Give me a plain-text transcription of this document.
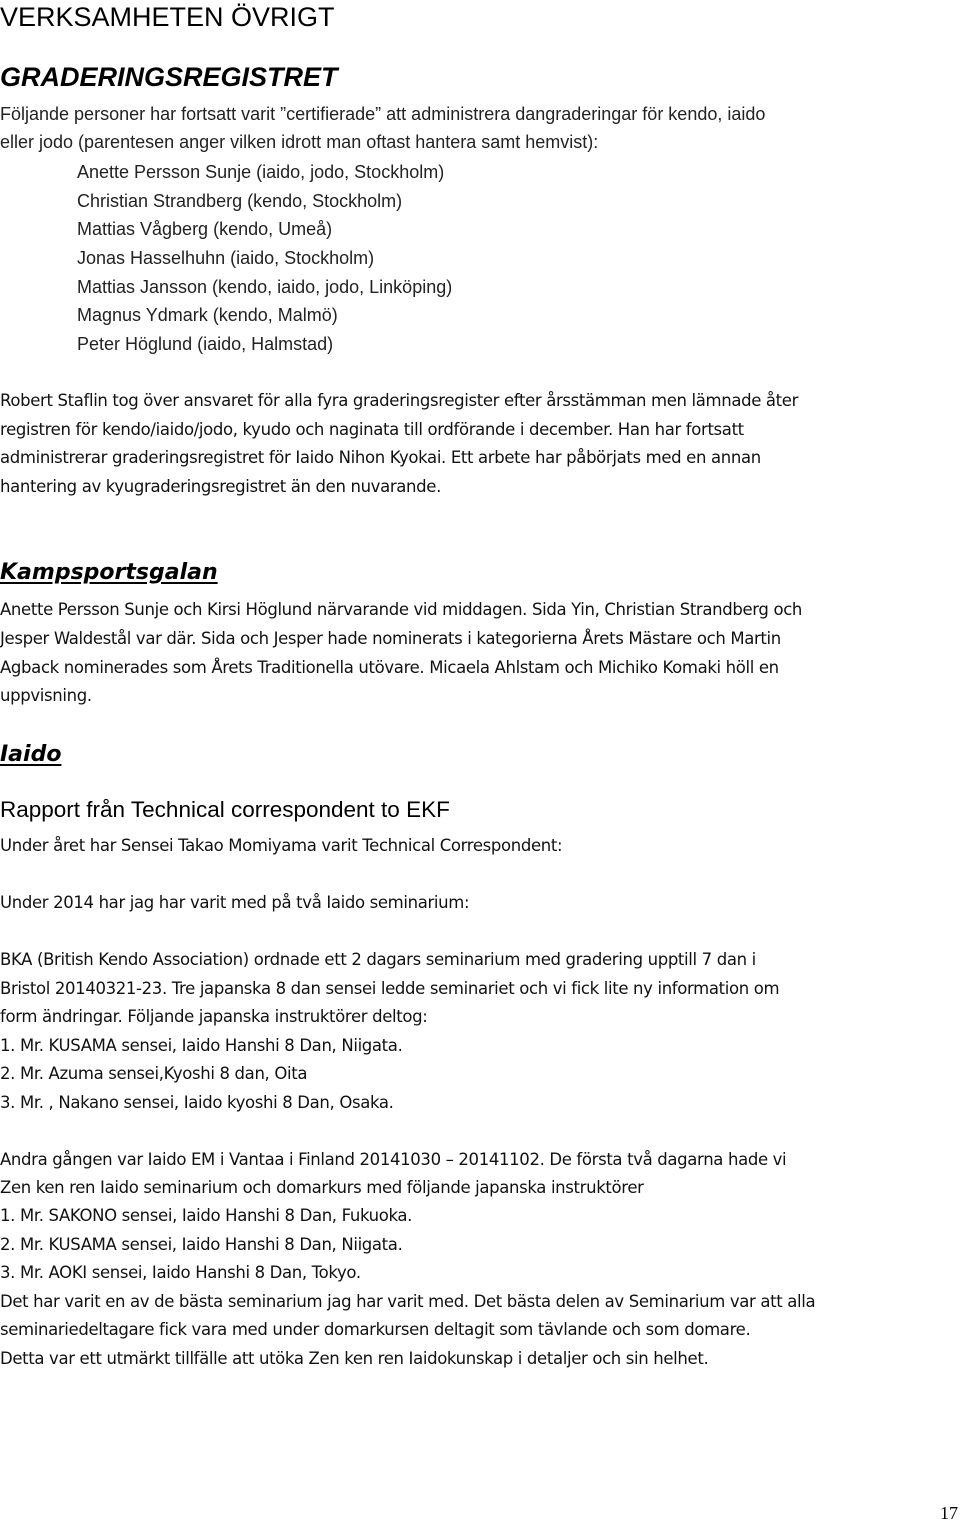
VERKSAMHETEN ÖVRIGT
GRADERINGSREGISTRET
Följande personer har fortsatt varit ”certifierade” att administrera dangraderingar för kendo, iaido
eller jodo (parentesen anger vilken idrott man oftast hantera samt hemvist):
Anette Persson Sunje (iaido, jodo, Stockholm)
Christian Strandberg (kendo, Stockholm)
Mattias Vågberg (kendo, Umeå)
Jonas Hasselhuhn (iaido, Stockholm)
Mattias Jansson (kendo, iaido, jodo, Linköping)
Magnus Ydmark (kendo, Malmö)
Peter Höglund (iaido, Halmstad)
Robert Staflin tog över ansvaret för alla fyra graderingsregister efter årsstämman men lämnade åter
registren för kendo/iaido/jodo, kyudo och naginata till ordförande i december. Han har fortsatt
administrerar graderingsregistret för Iaido Nihon Kyokai. Ett arbete har påbörjats med en annan
hantering av kyugraderingsregistret än den nuvarande.
Kampsportsgalan
Anette Persson Sunje och Kirsi Höglund närvarande vid middagen. Sida Yin, Christian Strandberg och
Jesper Waldestål var där. Sida och Jesper hade nominerats i kategorierna Årets Mästare och Martin
Agback nominerades som Årets Traditionella utövare. Micaela Ahlstam och Michiko Komaki höll en
uppvisning.
Iaido
Rapport från Technical correspondent to EKF
Under året har Sensei Takao Momiyama varit Technical Correspondent:
Under 2014 har jag har varit med på två Iaido seminarium:
BKA (British Kendo Association) ordnade ett 2 dagars seminarium med gradering upptill 7 dan i
Bristol 20140321-23. Tre japanska 8 dan sensei ledde seminariet och vi fick lite ny information om
form ändringar. Följande japanska instruktörer deltog:
1. Mr. KUSAMA sensei, Iaido Hanshi 8 Dan, Niigata.
2. Mr. Azuma sensei,Kyoshi 8 dan, Oita
3. Mr. , Nakano sensei, Iaido kyoshi 8 Dan, Osaka.
Andra gången var Iaido EM i Vantaa i Finland 20141030 – 20141102. De första två dagarna hade vi
Zen ken ren Iaido seminarium och domarkurs med följande japanska instruktörer
1. Mr. SAKONO sensei, Iaido Hanshi 8 Dan, Fukuoka.
2. Mr. KUSAMA sensei, Iaido Hanshi 8 Dan, Niigata.
3. Mr. AOKI sensei, Iaido Hanshi 8 Dan, Tokyo.
Det har varit en av de bästa seminarium jag har varit med. Det bästa delen av Seminarium var att alla
seminariedeltagare fick vara med under domarkursen deltagit som tävlande och som domare.
Detta var ett utmärkt tillfälle att utöka Zen ken ren Iaidokunskap i detaljer och sin helhet.
17
